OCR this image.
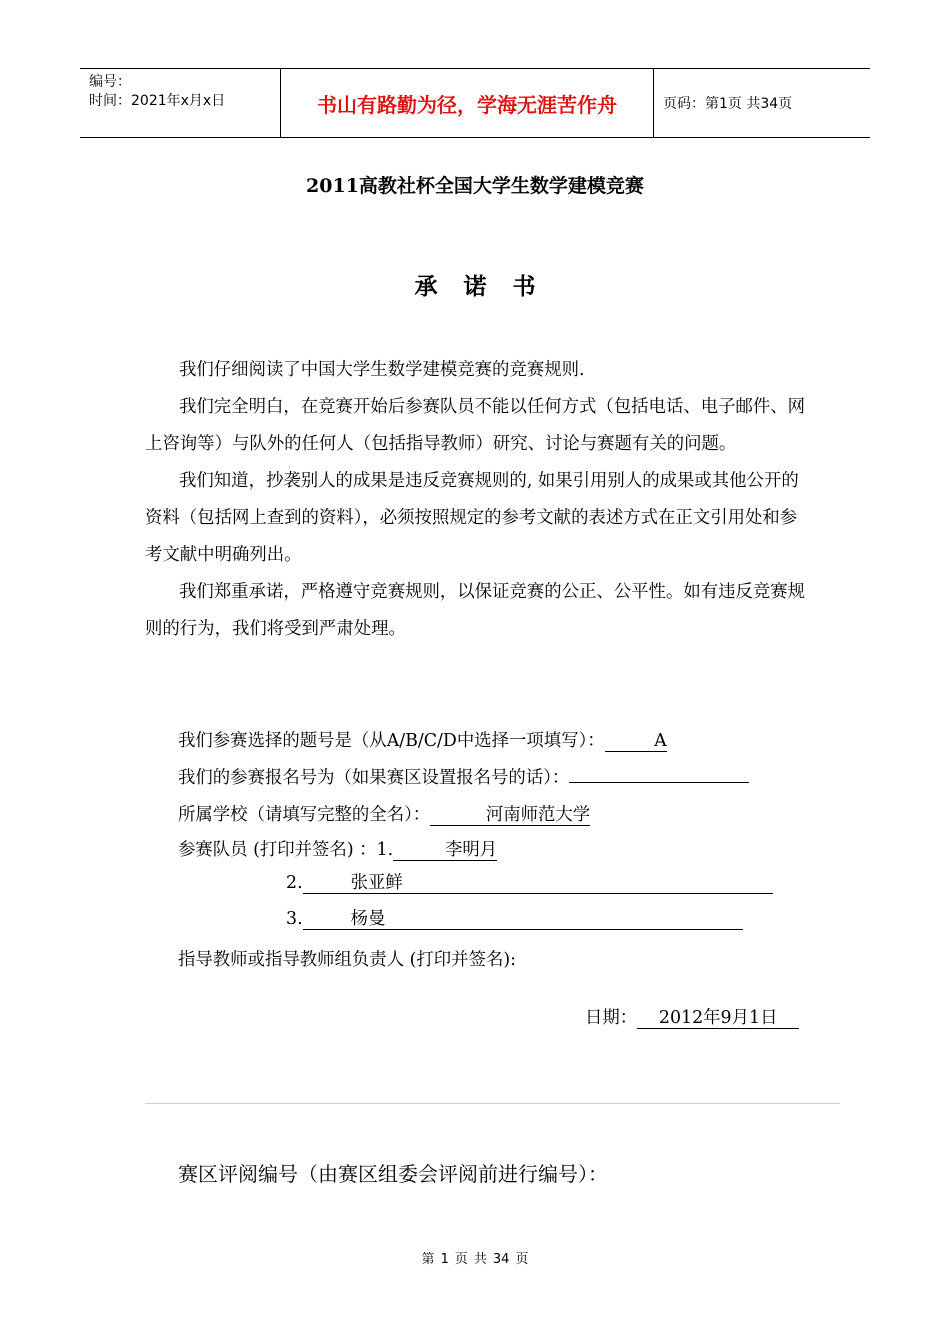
编号：
时间：2021年x月x日	书山有路勤为径，学海无涯苦作舟	页码：第1页 共34页
2011高教社杯全国大学生数学建模竞赛
承诺书

我们仔细阅读了中国大学生数学建模竞赛的竞赛规则.

我们完全明白，在竞赛开始后参赛队员不能以任何方式（包括电话、电子邮件、网上咨询等）与队外的任何人（包括指导教师）研究、讨论与赛题有关的问题。

我们知道，抄袭别人的成果是违反竞赛规则的, 如果引用别人的成果或其他公开的资料（包括网上查到的资料），必须按照规定的参考文献的表述方式在正文引用处和参考文献中明确列出。

我们郑重承诺，严格遵守竞赛规则，以保证竞赛的公正、公平性。如有违反竞赛规则的行为，我们将受到严肃处理。

我们参赛选择的题号是（从A/B/C/D中选择一项填写）：	A
我们的参赛报名号为（如果赛区设置报名号的话）：
所属学校（请填写完整的全名）：	河南师范大学
参赛队员 (打印并签名) ：1.	李明月
2.	张亚鲜
3.	杨曼
指导教师或指导教师组负责人 (打印并签名):
日期： 2012年9月1日
赛区评阅编号（由赛区组委会评阅前进行编号）：
第 1 页 共 34 页
